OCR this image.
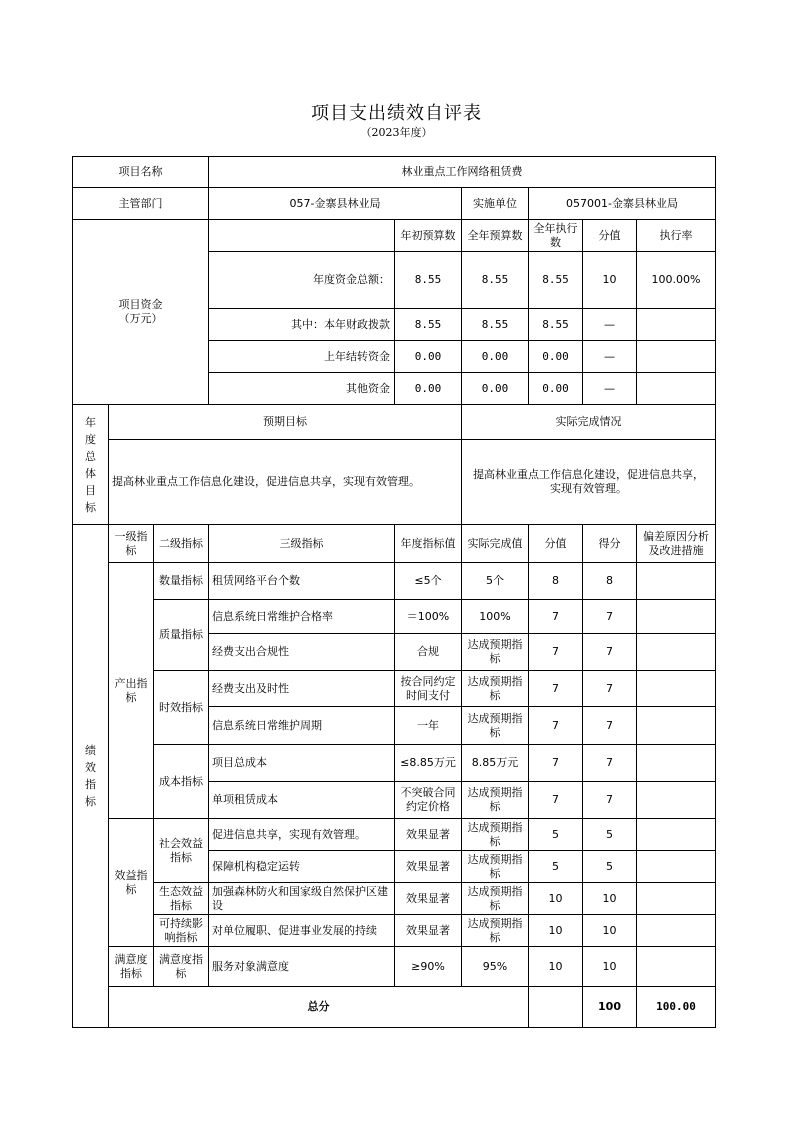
项目支出绩效自评表
（2023年度）
项目名称			林业重点工作网络租赁费						
主管部门			057-金寨县林业局		实施单位	057001-金寨县林业局			
项目资金
（万元）				年初预算数	全年预算数	全年执行数	分值	执行率	
			年度资金总额：	8.55	8.55	8.55	10	100.00%	
			其中：本年财政拨款	8.55	8.55	8.55	—		
			上年结转资金	0.00	0.00	0.00	—		
			其他资金	0.00	0.00	0.00	—		

年度总体目标	预期目标				实际完成情况				
	提高林业重点工作信息化建设，促进信息共享，实现有效管理。				提高林业重点工作信息化建设，促进信息共享，实现有效管理。				

绩效指标	一级指标	二级指标	三级指标	年度指标值	实际完成值	分值	得分	偏差原因分析及改进措施	
	产出指标	数量指标	租赁网络平台个数	≤5个	5个	8	8		
		质量指标	信息系统日常维护合格率	＝100%	100%	7	7		
			经费支出合规性	合规	达成预期指标	7	7		
		时效指标	经费支出及时性	按合同约定时间支付	达成预期指标	7	7		
			信息系统日常维护周期	一年	达成预期指标	7	7		
		成本指标	项目总成本	≤8.85万元	8.85万元	7	7		
			单项租赁成本	不突破合同约定价格	达成预期指标	7	7		
	效益指标	社会效益指标	促进信息共享，实现有效管理。	效果显著	达成预期指标	5	5		
			保障机构稳定运转	效果显著	达成预期指标	5	5		
		生态效益指标	加强森林防火和国家级自然保护区建设	效果显著	达成预期指标	10	10		
		可持续影响指标	对单位履职、促进事业发展的持续	效果显著	达成预期指标	10	10		
	满意度指标	满意度指标	服务对象满意度	≥90%	95%	10	10		
	总分						100	100.00	
